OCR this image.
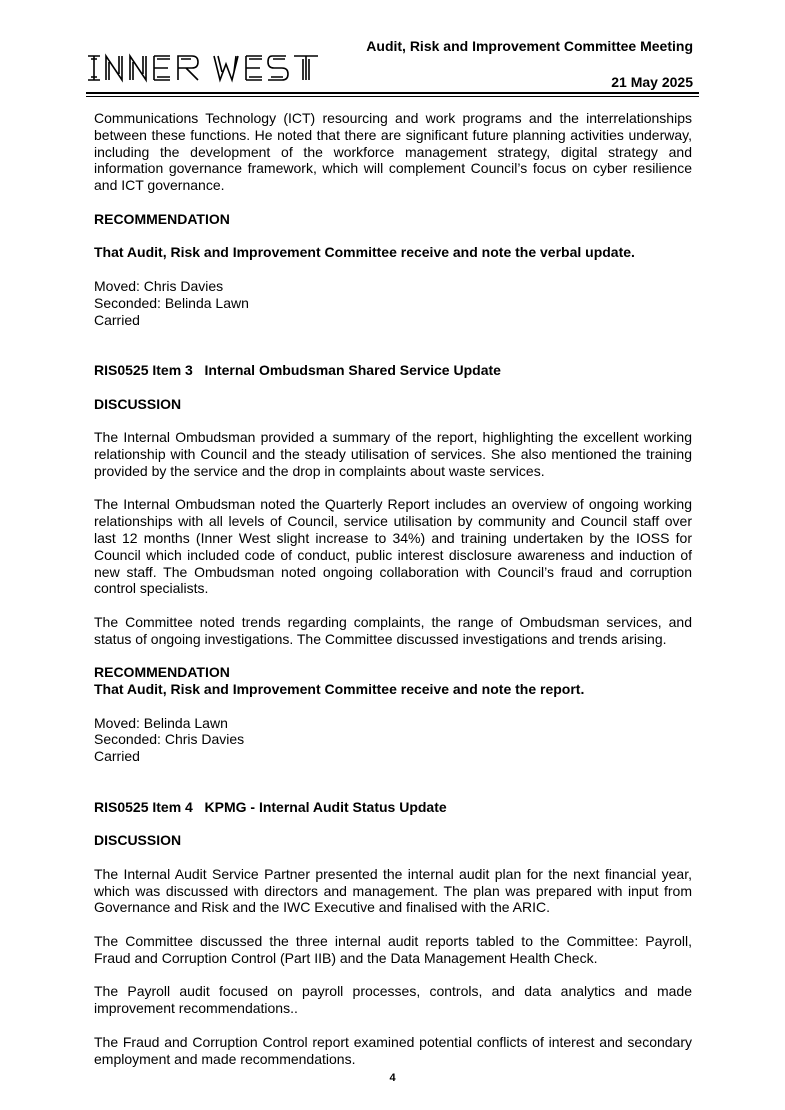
Audit, Risk and Improvement Committee Meeting
21 May 2025

Communications Technology (ICT) resourcing and work programs and the interrelationships between these functions. He noted that there are significant future planning activities underway, including the development of the workforce management strategy, digital strategy and information governance framework, which will complement Council’s focus on cyber resilience and ICT governance.

RECOMMENDATION

That Audit, Risk and Improvement Committee receive and note the verbal update.

Moved: Chris Davies
Seconded: Belinda Lawn
Carried

RIS0525 Item 3   Internal Ombudsman Shared Service Update

DISCUSSION

The Internal Ombudsman provided a summary of the report, highlighting the excellent working relationship with Council and the steady utilisation of services. She also mentioned the training provided by the service and the drop in complaints about waste services.

The Internal Ombudsman noted the Quarterly Report includes an overview of ongoing working relationships with all levels of Council, service utilisation by community and Council staff over last 12 months (Inner West slight increase to 34%) and training undertaken by the IOSS for Council which included code of conduct, public interest disclosure awareness and induction of new staff. The Ombudsman noted ongoing collaboration with Council’s fraud and corruption control specialists.

The Committee noted trends regarding complaints, the range of Ombudsman services, and status of ongoing investigations. The Committee discussed investigations and trends arising.

RECOMMENDATION

That Audit, Risk and Improvement Committee receive and note the report.

Moved: Belinda Lawn
Seconded: Chris Davies
Carried

RIS0525 Item 4   KPMG - Internal Audit Status Update

DISCUSSION

The Internal Audit Service Partner presented the internal audit plan for the next financial year, which was discussed with directors and management. The plan was prepared with input from Governance and Risk and the IWC Executive and finalised with the ARIC.

The Committee discussed the three internal audit reports tabled to the Committee: Payroll, Fraud and Corruption Control (Part IIB) and the Data Management Health Check.

The Payroll audit focused on payroll processes, controls, and data analytics and made improvement recommendations..

The Fraud and Corruption Control report examined potential conflicts of interest and secondary employment and made recommendations.

4
